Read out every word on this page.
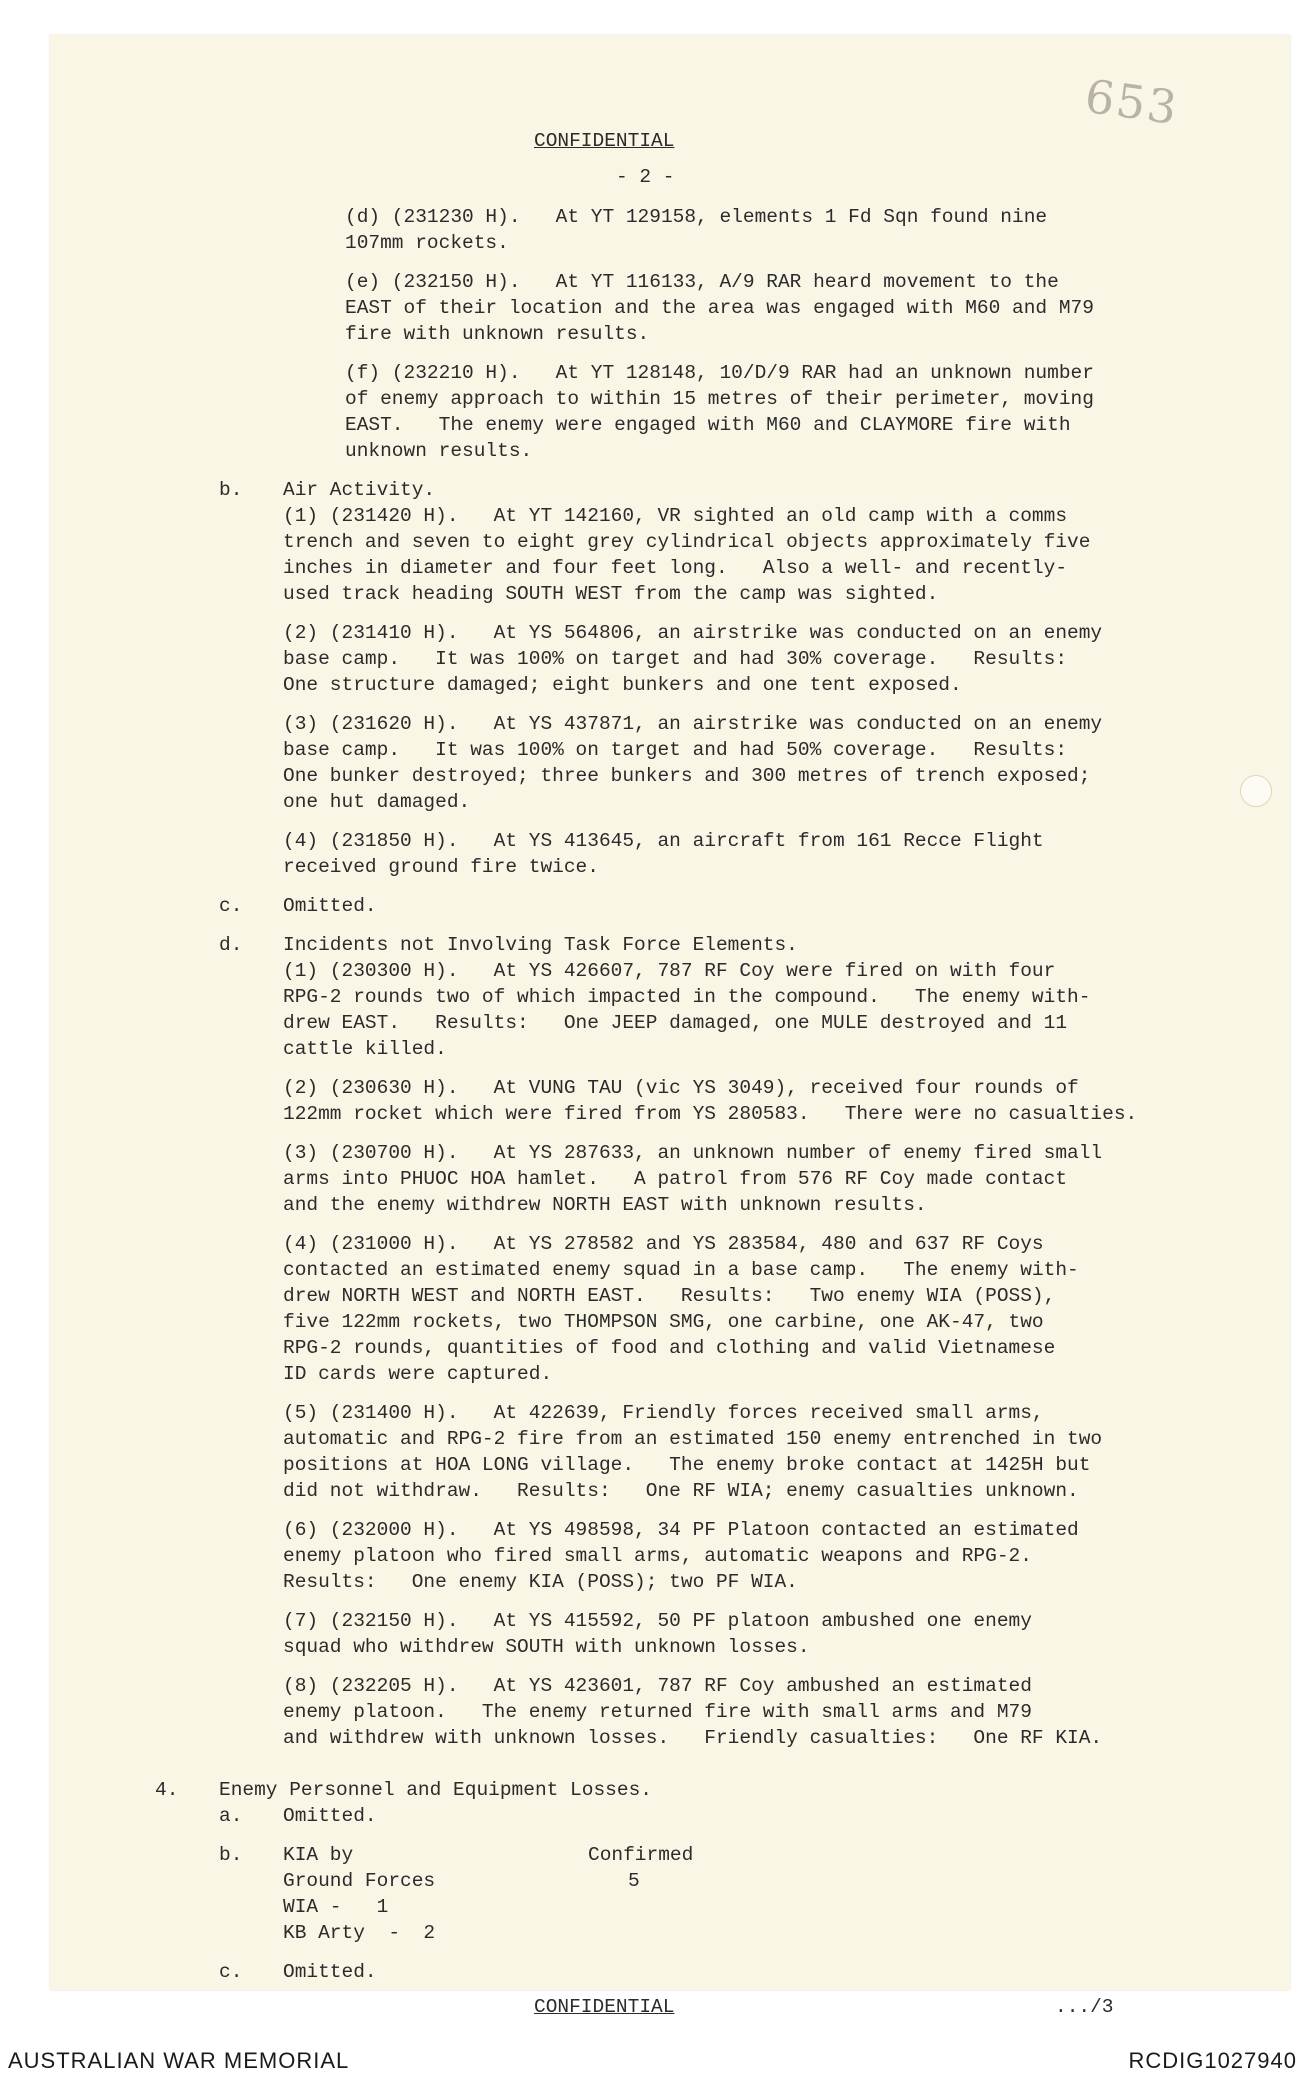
653
CONFIDENTIAL
- 2 -
(d) (231230 H).   At YT 129158, elements 1 Fd Sqn found nine
107mm rockets.
(e) (232150 H).   At YT 116133, A/9 RAR heard movement to the
EAST of their location and the area was engaged with M60 and M79
fire with unknown results.
(f) (232210 H).   At YT 128148, 10/D/9 RAR had an unknown number
of enemy approach to within 15 metres of their perimeter, moving
EAST.   The enemy were engaged with M60 and CLAYMORE fire with
unknown results.
b. Air Activity.
(1) (231420 H).   At YT 142160, VR sighted an old camp with a comms
trench and seven to eight grey cylindrical objects approximately five
inches in diameter and four feet long.   Also a well- and recently-
used track heading SOUTH WEST from the camp was sighted.
(2) (231410 H).   At YS 564806, an airstrike was conducted on an enemy
base camp.   It was 100% on target and had 30% coverage.   Results:
One structure damaged; eight bunkers and one tent exposed.
(3) (231620 H).   At YS 437871, an airstrike was conducted on an enemy
base camp.   It was 100% on target and had 50% coverage.   Results:
One bunker destroyed; three bunkers and 300 metres of trench exposed;
one hut damaged.
(4) (231850 H).   At YS 413645, an aircraft from 161 Recce Flight
received ground fire twice.
c. Omitted.
d. Incidents not Involving Task Force Elements.
(1) (230300 H).   At YS 426607, 787 RF Coy were fired on with four
RPG-2 rounds two of which impacted in the compound.   The enemy with-
drew EAST.   Results:   One JEEP damaged, one MULE destroyed and 11
cattle killed.
(2) (230630 H).   At VUNG TAU (vic YS 3049), received four rounds of
122mm rocket which were fired from YS 280583.   There were no casualties.
(3) (230700 H).   At YS 287633, an unknown number of enemy fired small
arms into PHUOC HOA hamlet.   A patrol from 576 RF Coy made contact
and the enemy withdrew NORTH EAST with unknown results.
(4) (231000 H).   At YS 278582 and YS 283584, 480 and 637 RF Coys
contacted an estimated enemy squad in a base camp.   The enemy with-
drew NORTH WEST and NORTH EAST.   Results:   Two enemy WIA (POSS),
five 122mm rockets, two THOMPSON SMG, one carbine, one AK-47, two
RPG-2 rounds, quantities of food and clothing and valid Vietnamese
ID cards were captured.
(5) (231400 H).   At 422639, Friendly forces received small arms,
automatic and RPG-2 fire from an estimated 150 enemy entrenched in two
positions at HOA LONG village.   The enemy broke contact at 1425H but
did not withdraw.   Results:   One RF WIA; enemy casualties unknown.
(6) (232000 H).   At YS 498598, 34 PF Platoon contacted an estimated
enemy platoon who fired small arms, automatic weapons and RPG-2.
Results:   One enemy KIA (POSS); two PF WIA.
(7) (232150 H).   At YS 415592, 50 PF platoon ambushed one enemy
squad who withdrew SOUTH with unknown losses.
(8) (232205 H).   At YS 423601, 787 RF Coy ambushed an estimated
enemy platoon.   The enemy returned fire with small arms and M79
and withdrew with unknown losses.   Friendly casualties:   One RF KIA.
4. Enemy Personnel and Equipment Losses.
a. Omitted.
b. KIA by	Confirmed
Ground Forces	5
WIA -   1
KB Arty  -  2
c. Omitted.
CONFIDENTIAL	.../3
AUSTRALIAN WAR MEMORIAL	RCDIG1027940
